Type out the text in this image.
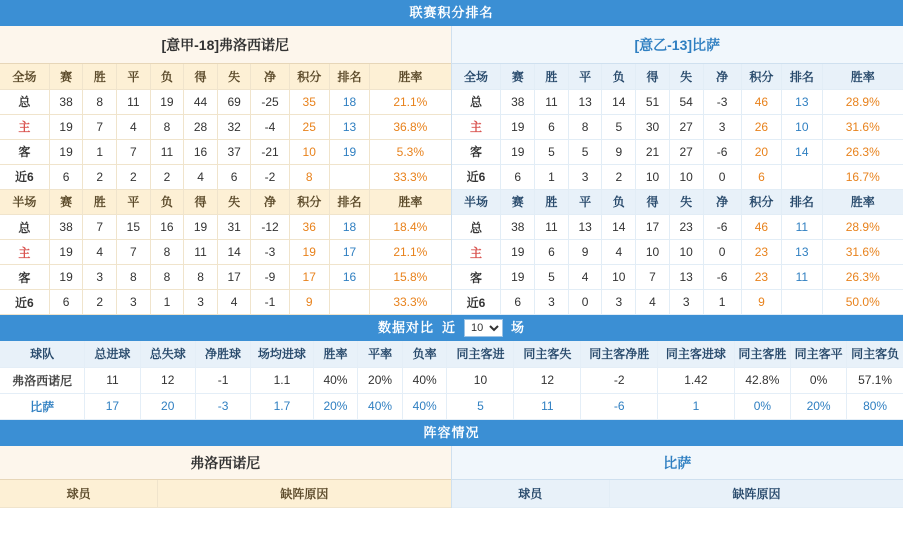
联赛积分排名
[意甲-18]弗洛西诺尼
全场	赛	胜	平	负	得	失	净	积分	排名	胜率
总	38	8	11	19	44	69	-25	35	18	21.1%
主	19	7	4	8	28	32	-4	25	13	36.8%
客	19	1	7	11	16	37	-21	10	19	5.3%
近6	6	2	2	2	4	6	-2	8		33.3%
半场	赛	胜	平	负	得	失	净	积分	排名	胜率
总	38	7	15	16	19	31	-12	36	18	18.4%
主	19	4	7	8	11	14	-3	19	17	21.1%
客	19	3	8	8	8	17	-9	17	16	15.8%
近6	6	2	3	1	3	4	-1	9		33.3%
[意乙-13]比萨
全场	赛	胜	平	负	得	失	净	积分	排名	胜率
总	38	11	13	14	51	54	-3	46	13	28.9%
主	19	6	8	5	30	27	3	26	10	31.6%
客	19	5	5	9	21	27	-6	20	14	26.3%
近6	6	1	3	2	10	10	0	6		16.7%
半场	赛	胜	平	负	得	失	净	积分	排名	胜率
总	38	11	13	14	17	23	-6	46	11	28.9%
主	19	6	9	4	10	10	0	23	13	31.6%
客	19	5	4	10	7	13	-6	23	11	26.3%
近6	6	3	0	3	4	3	1	9		50.0%
数据对比 近
10	场
球队	总进球	总失球	净胜球	场均进球	胜率	平率	负率	同主客进	同主客失	同主客净胜	同主客进球	同主客胜	同主客平	同主客负
弗洛西诺尼	11	12	-1	1.1	40%	20%	40%	10	12	-2	1.42	42.8%	0%	57.1%
比萨	17	20	-3	1.7	20%	40%	40%	5	11	-6	1	0%	20%	80%
阵容情况
弗洛西诺尼
球员	缺阵原因
比萨
球员	缺阵原因
